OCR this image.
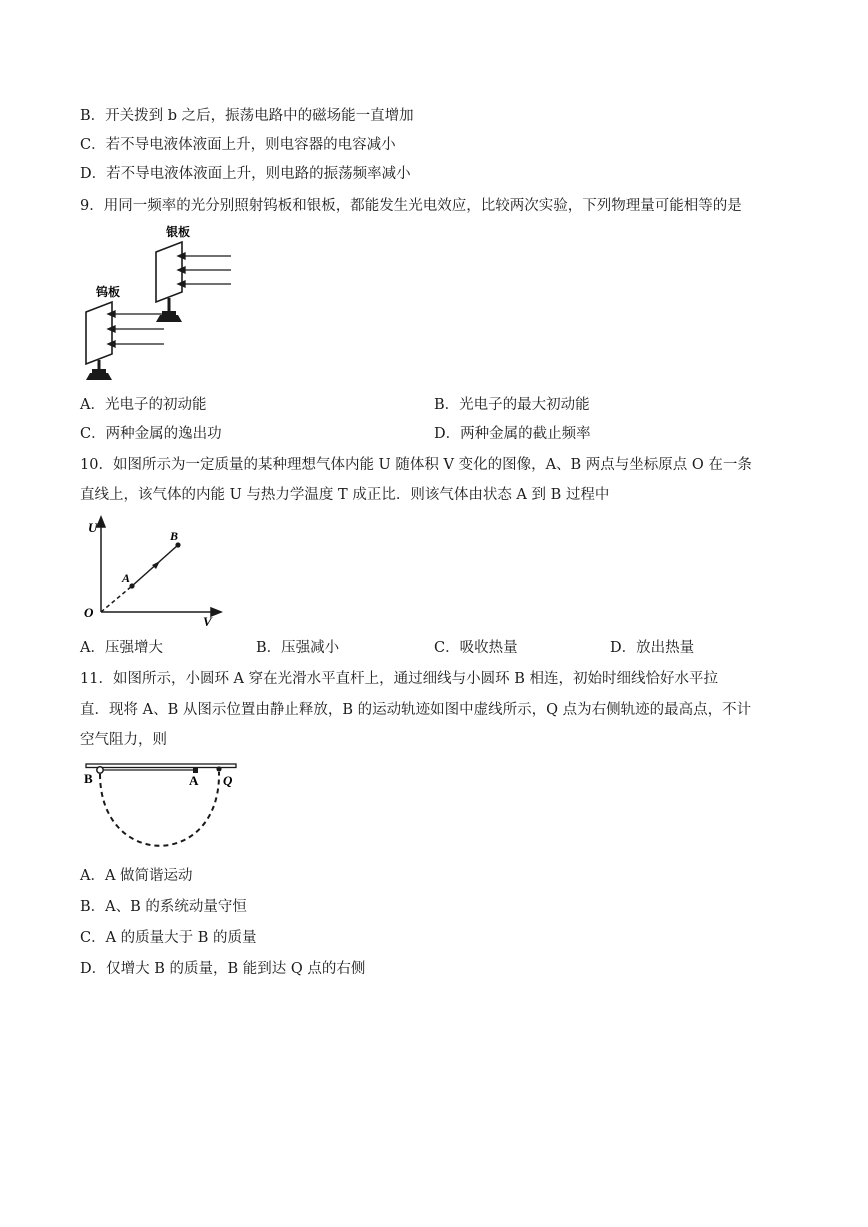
B．开关拨到 b 之后，振荡电路中的磁场能一直增加
C．若不导电液体液面上升，则电容器的电容减小
D．若不导电液体液面上升，则电路的振荡频率减小
9．用同一频率的光分别照射钨板和银板，都能发生光电效应，比较两次实验，下列物理量可能相等的是
银板
钨板
A．光电子的初动能	B．光电子的最大初动能
C．两种金属的逸出功	D．两种金属的截止频率
10．如图所示为一定质量的某种理想气体内能 U 随体积 V 变化的图像，A、B 两点与坐标原点 O 在一条
直线上，该气体的内能 U 与热力学温度 T 成正比．则该气体由状态 A 到 B 过程中
U
V
O
A
B
A．压强增大	B．压强减小	C．吸收热量	D．放出热量
11．如图所示，小圆环 A 穿在光滑水平直杆上，通过细线与小圆环 B 相连，初始时细线恰好水平拉
直．现将 A、B 从图示位置由静止释放，B 的运动轨迹如图中虚线所示，Q 点为右侧轨迹的最高点，不计
空气阻力，则
B	A Q
A．A 做简谐运动
B．A、B 的系统动量守恒
C．A 的质量大于 B 的质量
D．仅增大 B 的质量，B 能到达 Q 点的右侧
